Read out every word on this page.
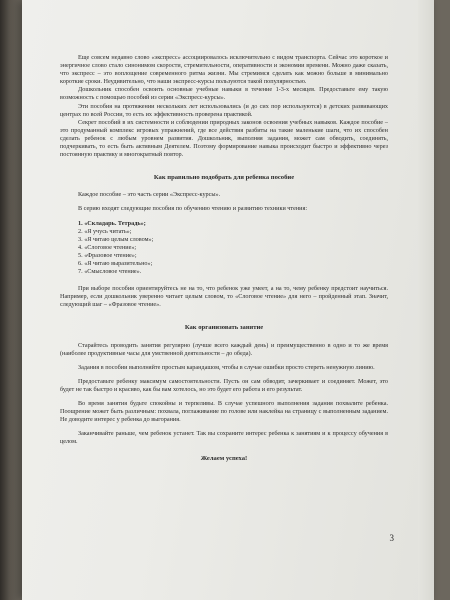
Еще совсем недавно слово «экспресс» ассоциировалось исключительно с видом транспорта. Сейчас это короткое и энергичное слово стало синонимом скорости, стремительности, оперативности и экономии времени. Можно даже сказать, что экспресс – это воплощение современного ритма жизни. Мы стремимся сделать как можно больше в минимально короткие сроки. Неудивительно, что наши экспресс-курсы пользуются такой популярностью.

Дошкольник способен освоить основные учебные навыки в течение 1-3-х месяцев. Предоставьте ему такую возможность с помощью пособий из серии «Экспресс-курсы».

Эти пособия на протяжении нескольких лет использовались (и до сих пор используются) в детских развивающих центрах по всей России, то есть их эффективность проверена практикой.

Секрет пособий в их системности и соблюдении природных законов освоения учебных навыков. Каждое пособие – это продуманный комплекс игровых упражнений, где все действия разбиты на такие маленькие шаги, что их способен сделать ребенок с любым уровнем развития. Дошкольник, выполняя задания, может сам обводить, соединять, подчеркивать, то есть быть активным Деятелем. Поэтому формирование навыка происходит быстро и эффективно через постоянную практику и многократный повтор.

Как правильно подобрать для ребенка пособие

Каждое пособие – это часть серии «Экспресс-курсы».

В серию входят следующие пособия по обучению чтению и развитию техники чтения:

1. «Складарь. Тетрадь»;
2. «Я учусь читать»;
3. «Я читаю целым словом»;
4. «Слоговое чтение»;
5. «Фразовое чтение»;
6. «Я читаю выразительно»;
7. «Смысловое чтение».

При выборе пособия ориентируйтесь не на то, что ребенок уже умеет, а на то, чему ребенку предстоит научиться. Например, если дошкольник уверенно читает целым словом, то «Слоговое чтение» для него – пройденный этап. Значит, следующий шаг – «Фразовое чтение».

Как организовать занятие

Старайтесь проводить занятия регулярно (лучше всего каждый день) и преимущественно в одно и то же время (наиболее продуктивные часы для умственной деятельности – до обеда).

Задания в пособии выполняйте простым карандашом, чтобы в случае ошибки просто стереть ненужную линию.

Предоставьте ребенку максимум самостоятельности. Пусть он сам обводит, зачеркивает и соединяет. Может, это будет не так быстро и красиво, как бы вам хотелось, но это будет его работа и его результат.

Во время занятия будьте спокойны и терпеливы. В случае успешного выполнения задания похвалите ребенка. Поощрение может быть различным: похвала, поглаживание по голове или наклейка на страницу с выполненным заданием. Не доводите интерес у ребенка до выгорания.

Заканчивайте раньше, чем ребенок устанет. Так вы сохраните интерес ребенка к занятиям и к процессу обучения в целом.

Желаем успеха!
3
